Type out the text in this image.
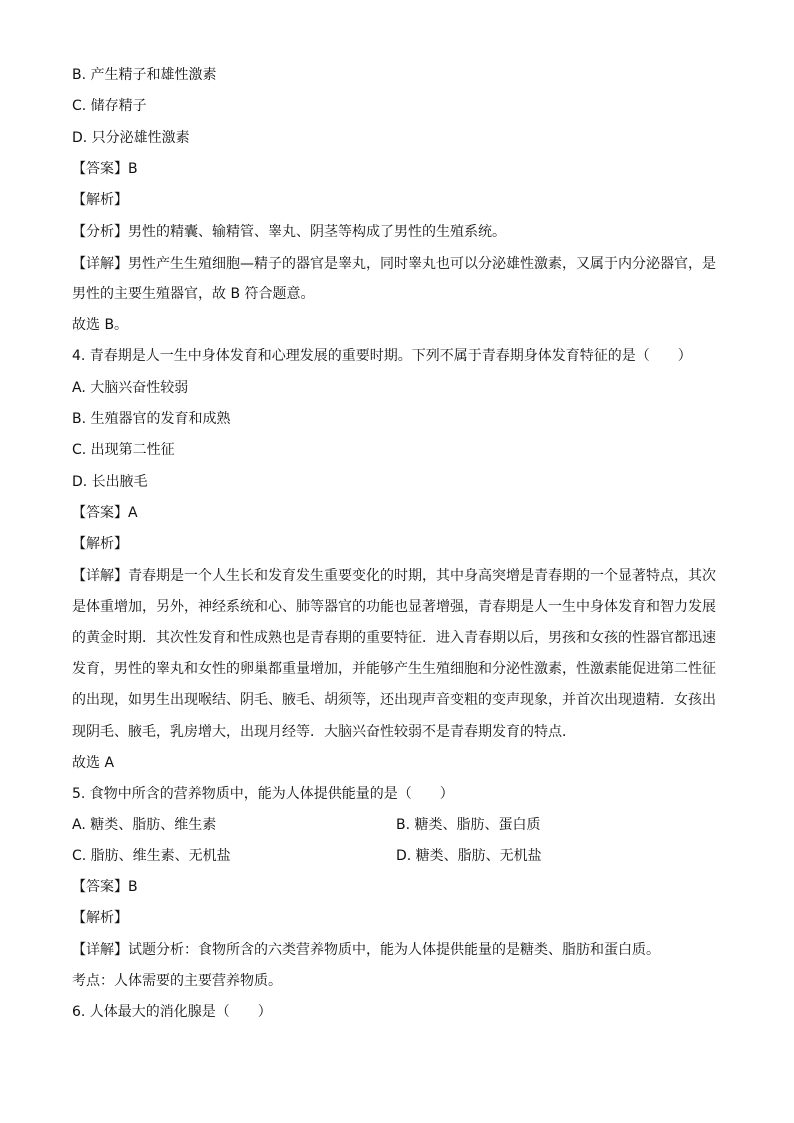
B. 产生精子和雄性激素
C. 储存精子
D. 只分泌雄性激素
【答案】B
【解析】
【分析】男性的精囊、输精管、睾丸、阴茎等构成了男性的生殖系统。
【详解】男性产生生殖细胞—精子的器官是睾丸，同时睾丸也可以分泌雄性激素，又属于内分泌器官，是
男性的主要生殖器官，故 B 符合题意。
故选 B。
4. 青春期是人一生中身体发育和心理发展的重要时期。下列不属于青春期身体发育特征的是（　　）
A. 大脑兴奋性较弱
B. 生殖器官的发育和成熟
C. 出现第二性征
D. 长出腋毛
【答案】A
【解析】
【详解】青春期是一个人生长和发育发生重要变化的时期，其中身高突增是青春期的一个显著特点，其次
是体重增加，另外，神经系统和心、肺等器官的功能也显著增强，青春期是人一生中身体发育和智力发展
的黄金时期．其次性发育和性成熟也是青春期的重要特征．进入青春期以后，男孩和女孩的性器官都迅速
发育，男性的睾丸和女性的卵巢都重量增加，并能够产生生殖细胞和分泌性激素，性激素能促进第二性征
的出现，如男生出现喉结、阴毛、腋毛、胡须等，还出现声音变粗的变声现象，并首次出现遗精．女孩出
现阴毛、腋毛，乳房增大，出现月经等．大脑兴奋性较弱不是青春期发育的特点．
故选 A
5. 食物中所含的营养物质中，能为人体提供能量的是（　　）
A. 糖类、脂肪、维生素	B. 糖类、脂肪、蛋白质
C. 脂肪、维生素、无机盐	D. 糖类、脂肪、无机盐
【答案】B
【解析】
【详解】试题分析：食物所含的六类营养物质中，能为人体提供能量的是糖类、脂肪和蛋白质。
考点：人体需要的主要营养物质。
6. 人体最大的消化腺是（　　）
